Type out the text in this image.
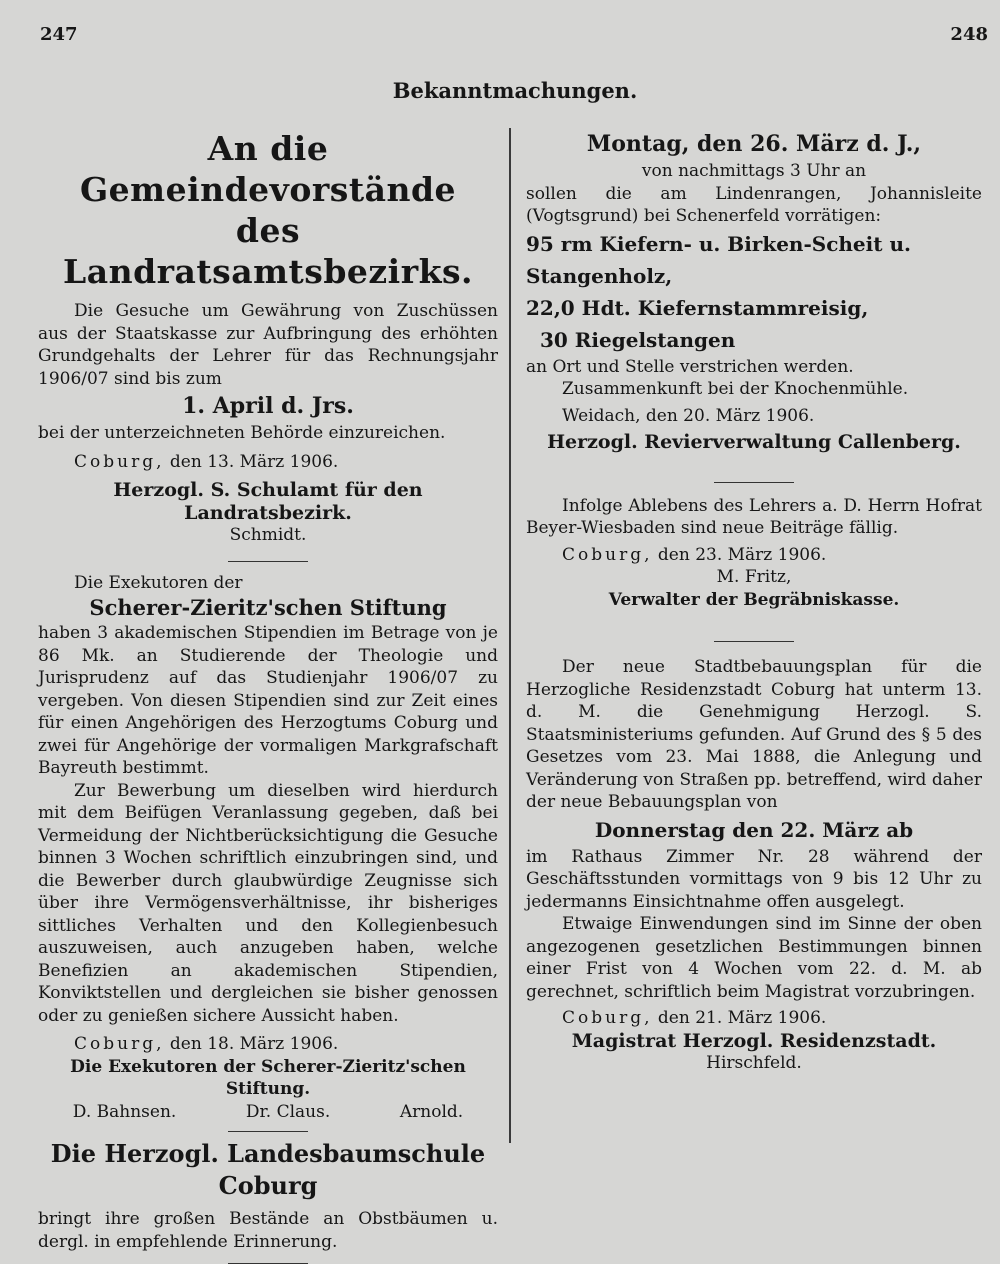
247	248
Bekanntmachungen.
An die Gemeindevorstände
des Landratsamtsbezirks.

Die Gesuche um Gewährung von Zuschüssen aus der Staatskasse zur Aufbringung des erhöhten Grundgehalts der Lehrer für das Rechnungsjahr 1906/07 sind bis zum

1. April d. Jrs.

bei der unterzeichneten Behörde einzureichen.

Coburg, den 13. März 1906.

Herzogl. S. Schulamt für den Landratsbezirk.
Schmidt.

Die Exekutoren der

Scherer-Zieritz'schen Stiftung

haben 3 akademischen Stipendien im Betrage von je 86 Mk. an Studierende der Theologie und Jurisprudenz auf das Studienjahr 1906/07 zu vergeben. Von diesen Stipendien sind zur Zeit eines für einen Angehörigen des Herzogtums Coburg und zwei für Angehörige der vormaligen Markgrafschaft Bayreuth bestimmt.

Zur Bewerbung um dieselben wird hierdurch mit dem Beifügen Veranlassung gegeben, daß bei Vermeidung der Nichtberücksichtigung die Gesuche binnen 3 Wochen schriftlich einzubringen sind, und die Bewerber durch glaubwürdige Zeugnisse sich über ihre Vermögensverhältnisse, ihr bisheriges sittliches Verhalten und den Kollegienbesuch auszuweisen, auch anzugeben haben, welche Benefizien an akademischen Stipendien, Konviktstellen und dergleichen sie bisher genossen oder zu genießen sichere Aussicht haben.

Coburg, den 18. März 1906.

Die Exekutoren der Scherer-Zieritz'schen Stiftung.
D. Bahnsen.	Dr. Claus.	Arnold.
Die Herzogl. Landesbaumschule Coburg

bringt ihre großen Bestände an Obstbäumen u. dergl. in empfehlende Erinnerung.

Montag, den 26. März d. J.,
von nachmittags 3 Uhr an

sollen die am Lindenrangen, Johannisleite (Vogtsgrund) bei Schenerfeld vorrätigen:

95 rm Kiefern- u. Birken-Scheit u. Stangenholz,
22,0 Hdt. Kiefernstammreisig,
30 Riegelstangen

an Ort und Stelle verstrichen werden.

Zusammenkunft bei der Knochenmühle.

Weidach, den 20. März 1906.

Herzogl. Revierverwaltung Callenberg.

Infolge Ablebens des Lehrers a. D. Herrn Hofrat Beyer-Wiesbaden sind neue Beiträge fällig.

Coburg, den 23. März 1906.

M. Fritz,
Verwalter der Begräbniskasse.

Der neue Stadtbebauungsplan für die Herzogliche Residenzstadt Coburg hat unterm 13. d. M. die Genehmigung Herzogl. S. Staatsministeriums gefunden. Auf Grund des § 5 des Gesetzes vom 23. Mai 1888, die Anlegung und Veränderung von Straßen pp. betreffend, wird daher der neue Bebauungsplan von

Donnerstag den 22. März ab

im Rathaus Zimmer Nr. 28 während der Geschäftsstunden vormittags von 9 bis 12 Uhr zu jedermanns Einsichtnahme offen ausgelegt.

Etwaige Einwendungen sind im Sinne der oben angezogenen gesetzlichen Bestimmungen binnen einer Frist von 4 Wochen vom 22. d. M. ab gerechnet, schriftlich beim Magistrat vorzubringen.

Coburg, den 21. März 1906.

Magistrat Herzogl. Residenzstadt.
Hirschfeld.
